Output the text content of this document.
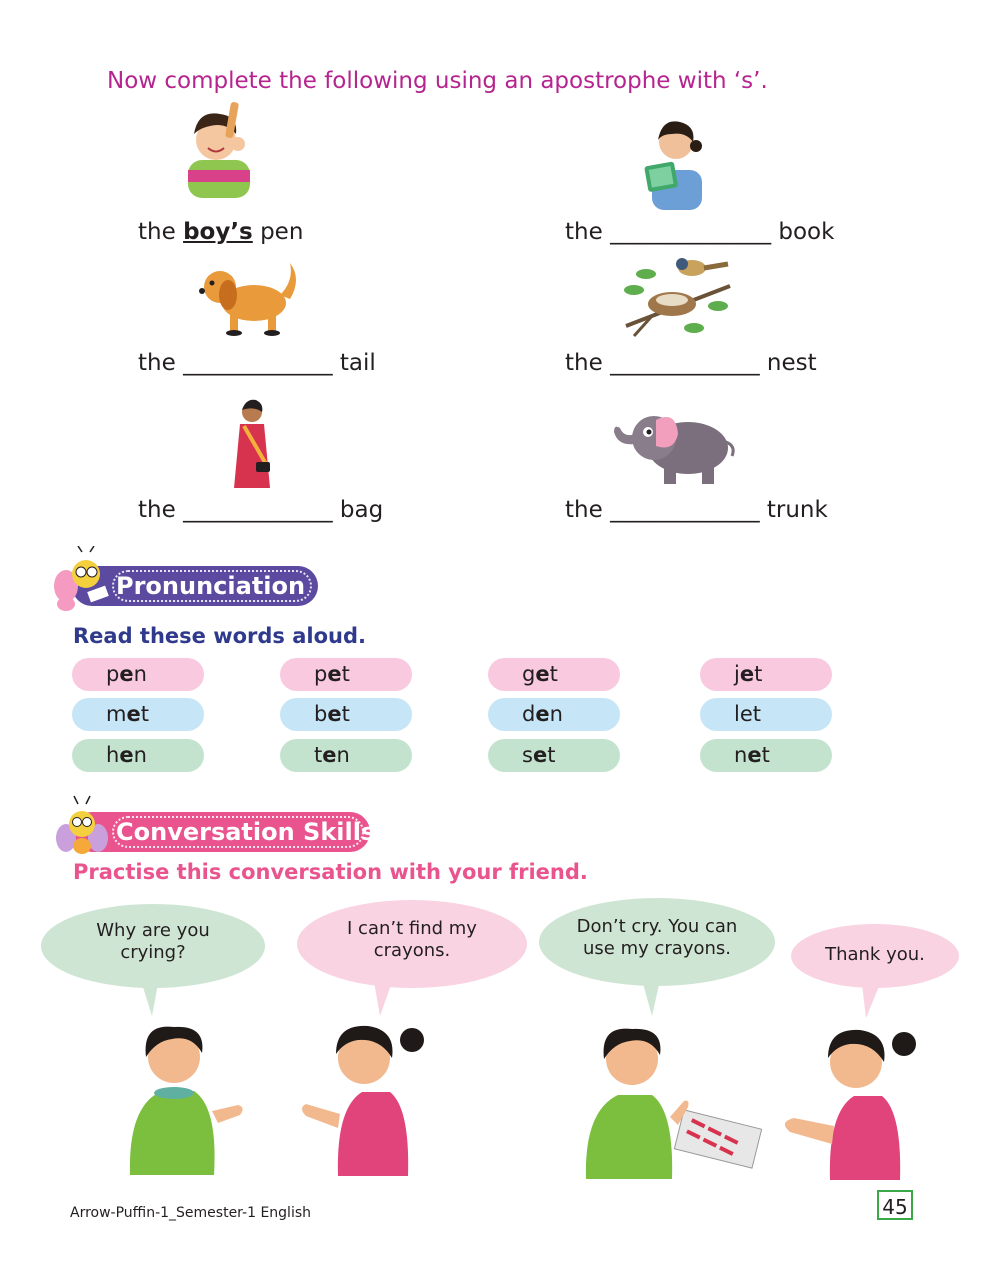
Now complete the following using an apostrophe with ‘s’.
the boy’s pen	the ______________ book
the _____________ tail	the _____________ nest
the _____________ bag	the _____________ trunk
Pronunciation
Read these words aloud.
pen	pet	get	jet
met	bet	den	let
hen	ten	set	net
Conversation Skills
Practise this conversation with your friend.
Why are you
crying?
I can’t find my
crayons.
Don’t cry. You can
use my crayons.	Thank you.
Arrow-Puffin-1_Semester-1 English	45
